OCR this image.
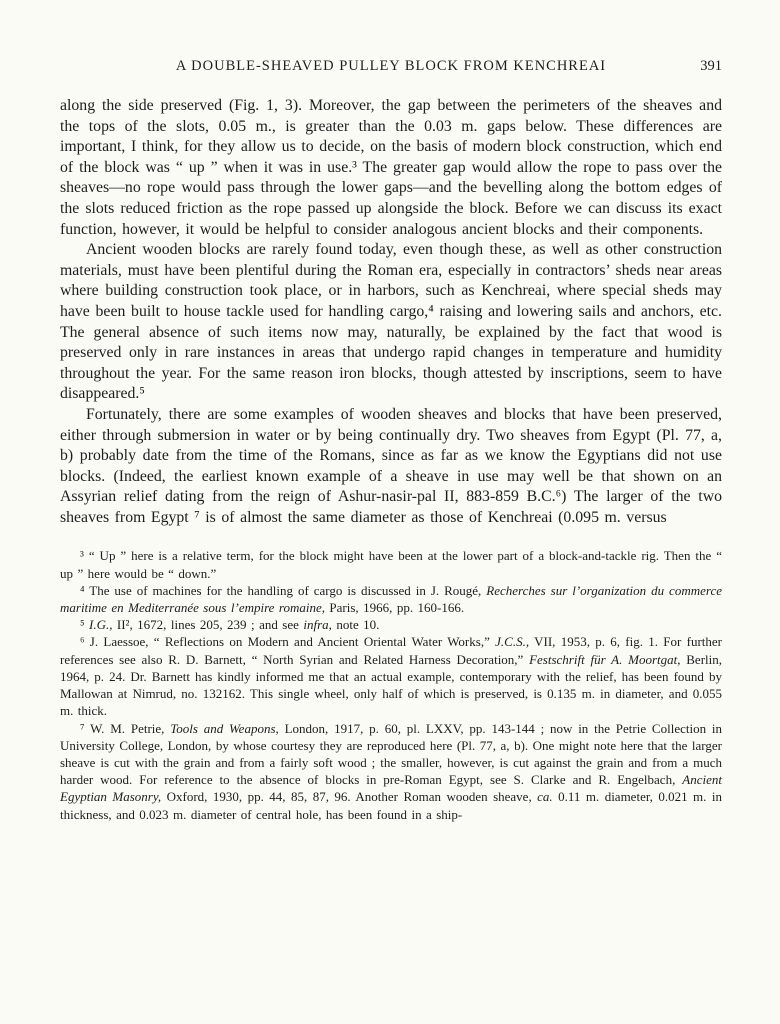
A DOUBLE-SHEAVED PULLEY BLOCK FROM KENCHREAI	391

along the side preserved (Fig. 1, 3). Moreover, the gap between the perimeters of the sheaves and the tops of the slots, 0.05 m., is greater than the 0.03 m. gaps below. These differences are important, I think, for they allow us to decide, on the basis of modern block construction, which end of the block was “ up ” when it was in use.³ The greater gap would allow the rope to pass over the sheaves—no rope would pass through the lower gaps—and the bevelling along the bottom edges of the slots reduced friction as the rope passed up alongside the block. Before we can discuss its exact function, however, it would be helpful to consider analogous ancient blocks and their components.

Ancient wooden blocks are rarely found today, even though these, as well as other construction materials, must have been plentiful during the Roman era, especially in contractors’ sheds near areas where building construction took place, or in harbors, such as Kenchreai, where special sheds may have been built to house tackle used for handling cargo,⁴ raising and lowering sails and anchors, etc. The general absence of such items now may, naturally, be explained by the fact that wood is preserved only in rare instances in areas that undergo rapid changes in temperature and humidity throughout the year. For the same reason iron blocks, though attested by inscriptions, seem to have disappeared.⁵

Fortunately, there are some examples of wooden sheaves and blocks that have been preserved, either through submersion in water or by being continually dry. Two sheaves from Egypt (Pl. 77, a, b) probably date from the time of the Romans, since as far as we know the Egyptians did not use blocks. (Indeed, the earliest known example of a sheave in use may well be that shown on an Assyrian relief dating from the reign of Ashur-nasir-pal II, 883-859 B.C.⁶) The larger of the two sheaves from Egypt ⁷ is of almost the same diameter as those of Kenchreai (0.095 m. versus

³ “ Up ” here is a relative term, for the block might have been at the lower part of a block-and-tackle rig. Then the “ up ” here would be “ down.”

⁴ The use of machines for the handling of cargo is discussed in J. Rougé, Recherches sur l’organization du commerce maritime en Mediterranée sous l’empire romaine, Paris, 1966, pp. 160-166.

⁵ I.G., II², 1672, lines 205, 239 ; and see infra, note 10.

⁶ J. Laessoe, “ Reflections on Modern and Ancient Oriental Water Works,” J.C.S., VII, 1953, p. 6, fig. 1. For further references see also R. D. Barnett, “ North Syrian and Related Harness Decoration,” Festschrift für A. Moortgat, Berlin, 1964, p. 24. Dr. Barnett has kindly informed me that an actual example, contemporary with the relief, has been found by Mallowan at Nimrud, no. 132162. This single wheel, only half of which is preserved, is 0.135 m. in diameter, and 0.055 m. thick.

⁷ W. M. Petrie, Tools and Weapons, London, 1917, p. 60, pl. LXXV, pp. 143-144 ; now in the Petrie Collection in University College, London, by whose courtesy they are reproduced here (Pl. 77, a, b). One might note here that the larger sheave is cut with the grain and from a fairly soft wood ; the smaller, however, is cut against the grain and from a much harder wood. For reference to the absence of blocks in pre-Roman Egypt, see S. Clarke and R. Engelbach, Ancient Egyptian Masonry, Oxford, 1930, pp. 44, 85, 87, 96. Another Roman wooden sheave, ca. 0.11 m. diameter, 0.021 m. in thickness, and 0.023 m. diameter of central hole, has been found in a ship-
